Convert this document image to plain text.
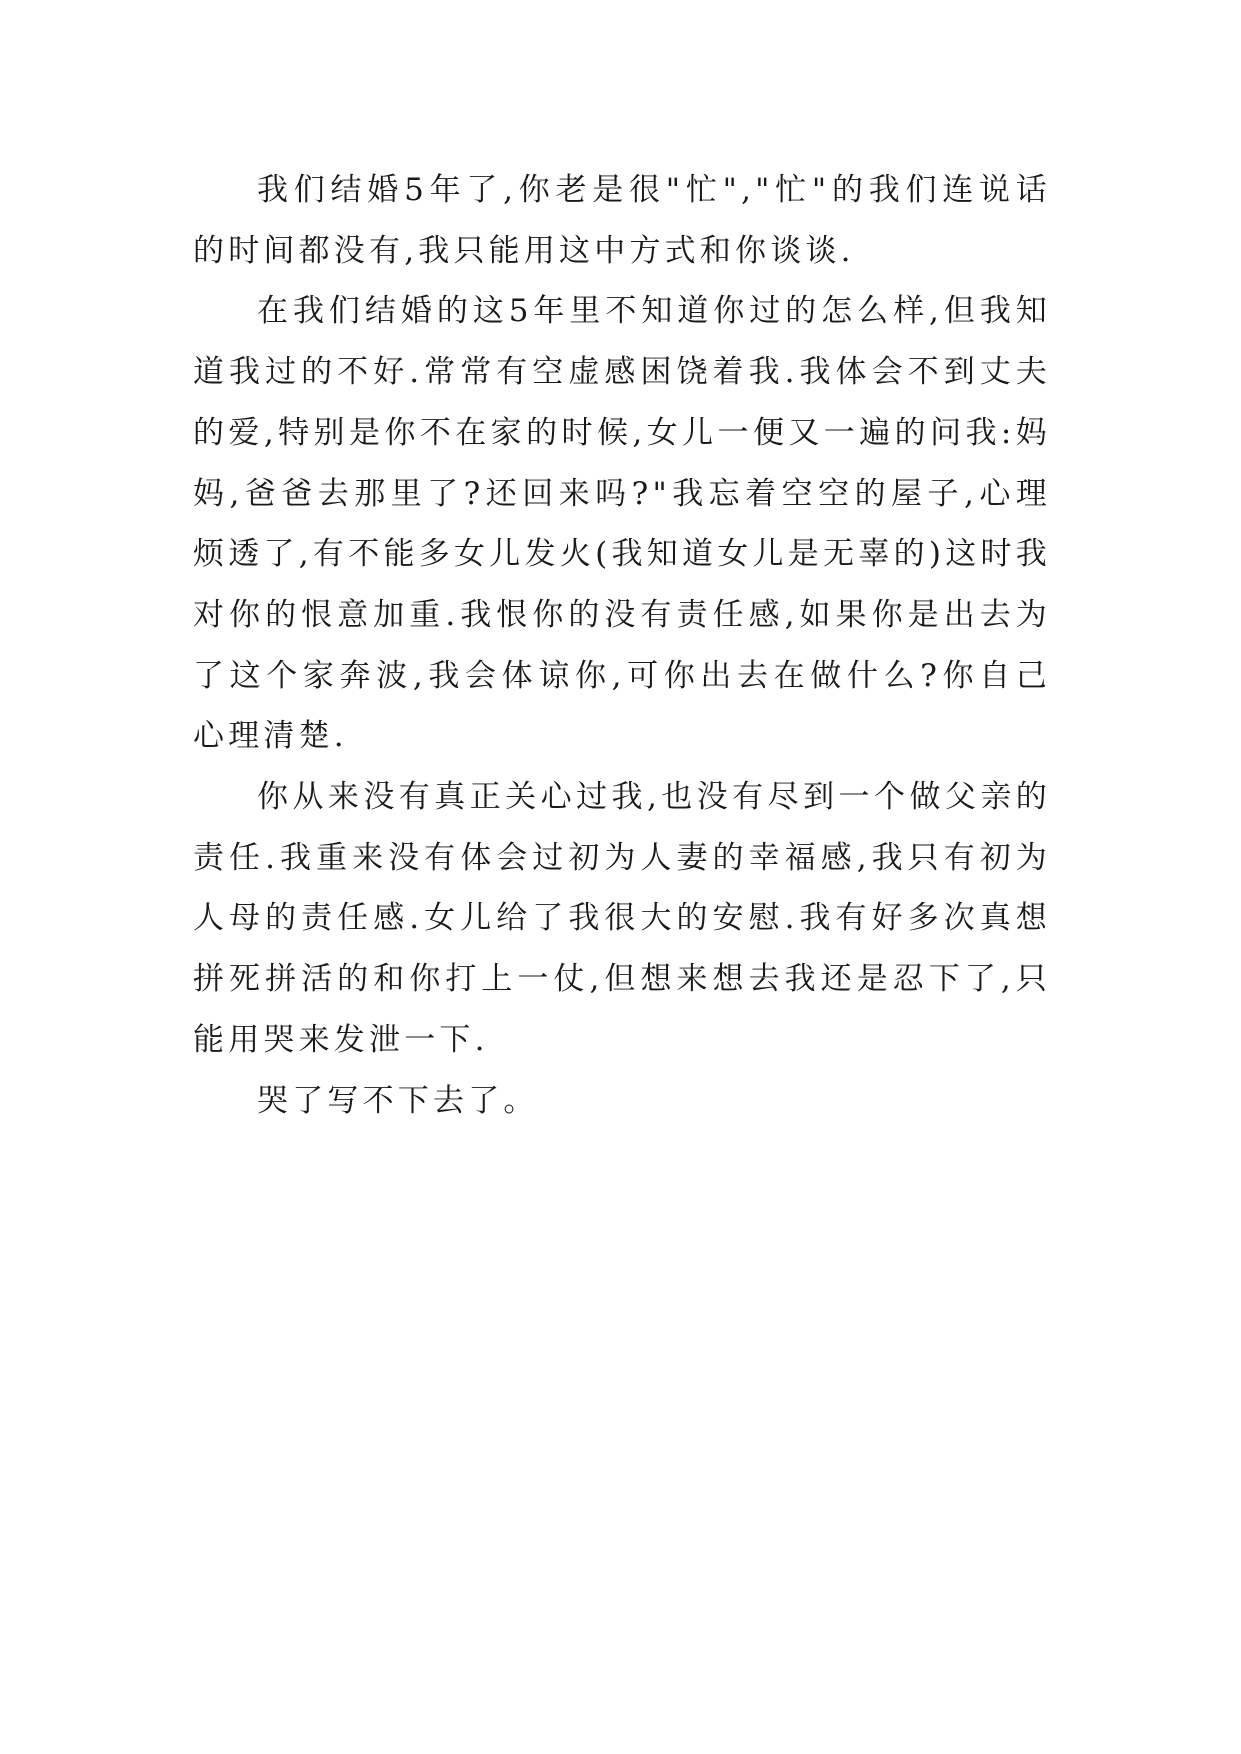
我们结婚5年了,你老是很"忙","忙"的我们连说话的时间都没有,我只能用这中方式和你谈谈.

在我们结婚的这5年里不知道你过的怎么样,但我知道我过的不好.常常有空虚感困饶着我.我体会不到丈夫的爱,特别是你不在家的时候,女儿一便又一遍的问我:妈妈,爸爸去那里了?还回来吗?"我忘着空空的屋子,心理烦透了,有不能多女儿发火(我知道女儿是无辜的)这时我对你的恨意加重.我恨你的没有责任感,如果你是出去为了这个家奔波,我会体谅你,可你出去在做什么?你自己心理清楚.

你从来没有真正关心过我,也没有尽到一个做父亲的责任.我重来没有体会过初为人妻的幸福感,我只有初为人母的责任感.女儿给了我很大的安慰.我有好多次真想拼死拼活的和你打上一仗,但想来想去我还是忍下了,只能用哭来发泄一下.

哭了写不下去了。
